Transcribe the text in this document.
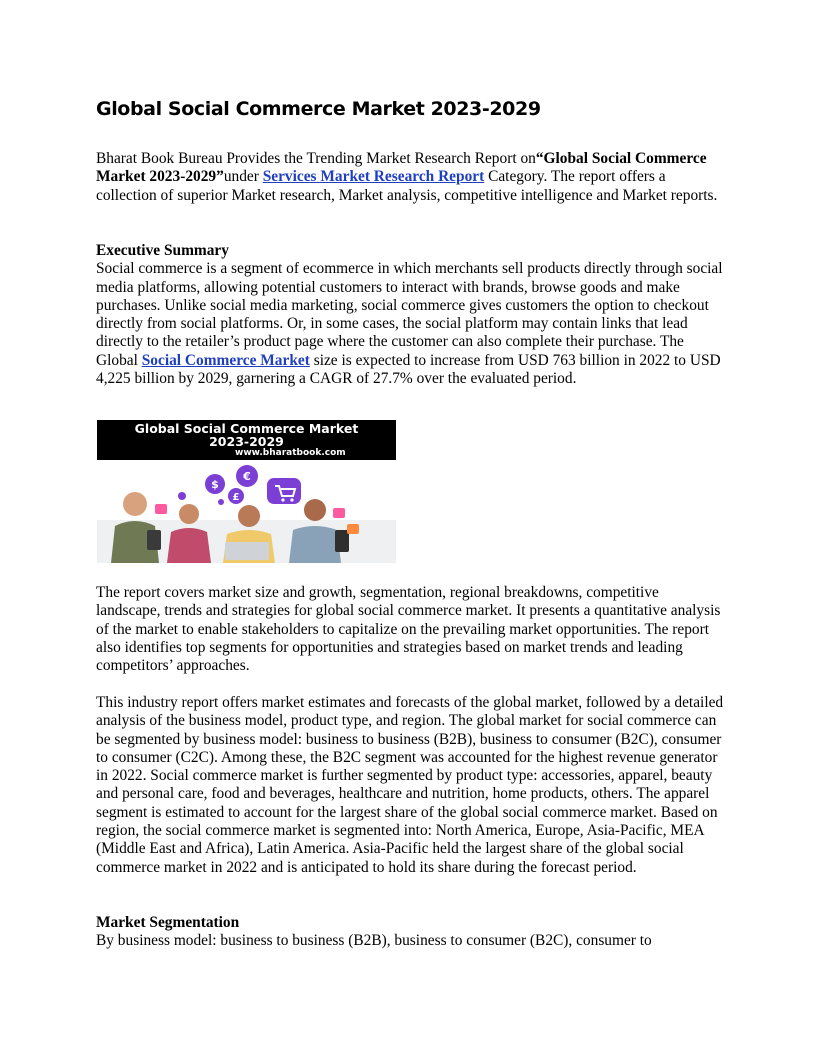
Global Social Commerce Market 2023-2029

Bharat Book Bureau Provides the Trending Market Research Report on“Global Social Commerce Market 2023-2029”under Services Market Research Report Category. The report offers a collection of superior Market research, Market analysis, competitive intelligence and Market reports.

Executive Summary
Social commerce is a segment of ecommerce in which merchants sell products directly through social media platforms, allowing potential customers to interact with brands, browse goods and make purchases. Unlike social media marketing, social commerce gives customers the option to checkout directly from social platforms. Or, in some cases, the social platform may contain links that lead directly to the retailer’s product page where the customer can also complete their purchase. The Global Social Commerce Market size is expected to increase from USD 763 billion in 2022 to USD 4,225 billion by 2029, garnering a CAGR of 27.7% over the evaluated period.

Global Social Commerce Market
2023-2029
www.bharatbook.com
$
€
£

The report covers market size and growth, segmentation, regional breakdowns, competitive landscape, trends and strategies for global social commerce market. It presents a quantitative analysis of the market to enable stakeholders to capitalize on the prevailing market opportunities. The report also identifies top segments for opportunities and strategies based on market trends and leading competitors’ approaches.

This industry report offers market estimates and forecasts of the global market, followed by a detailed analysis of the business model, product type, and region. The global market for social commerce can be segmented by business model: business to business (B2B), business to consumer (B2C), consumer to consumer (C2C). Among these, the B2C segment was accounted for the highest revenue generator in 2022. Social commerce market is further segmented by product type: accessories, apparel, beauty and personal care, food and beverages, healthcare and nutrition, home products, others. The apparel segment is estimated to account for the largest share of the global social commerce market. Based on region, the social commerce market is segmented into: North America, Europe, Asia-Pacific, MEA (Middle East and Africa), Latin America. Asia-Pacific held the largest share of the global social commerce market in 2022 and is anticipated to hold its share during the forecast period.

Market Segmentation
By business model: business to business (B2B), business to consumer (B2C), consumer to
